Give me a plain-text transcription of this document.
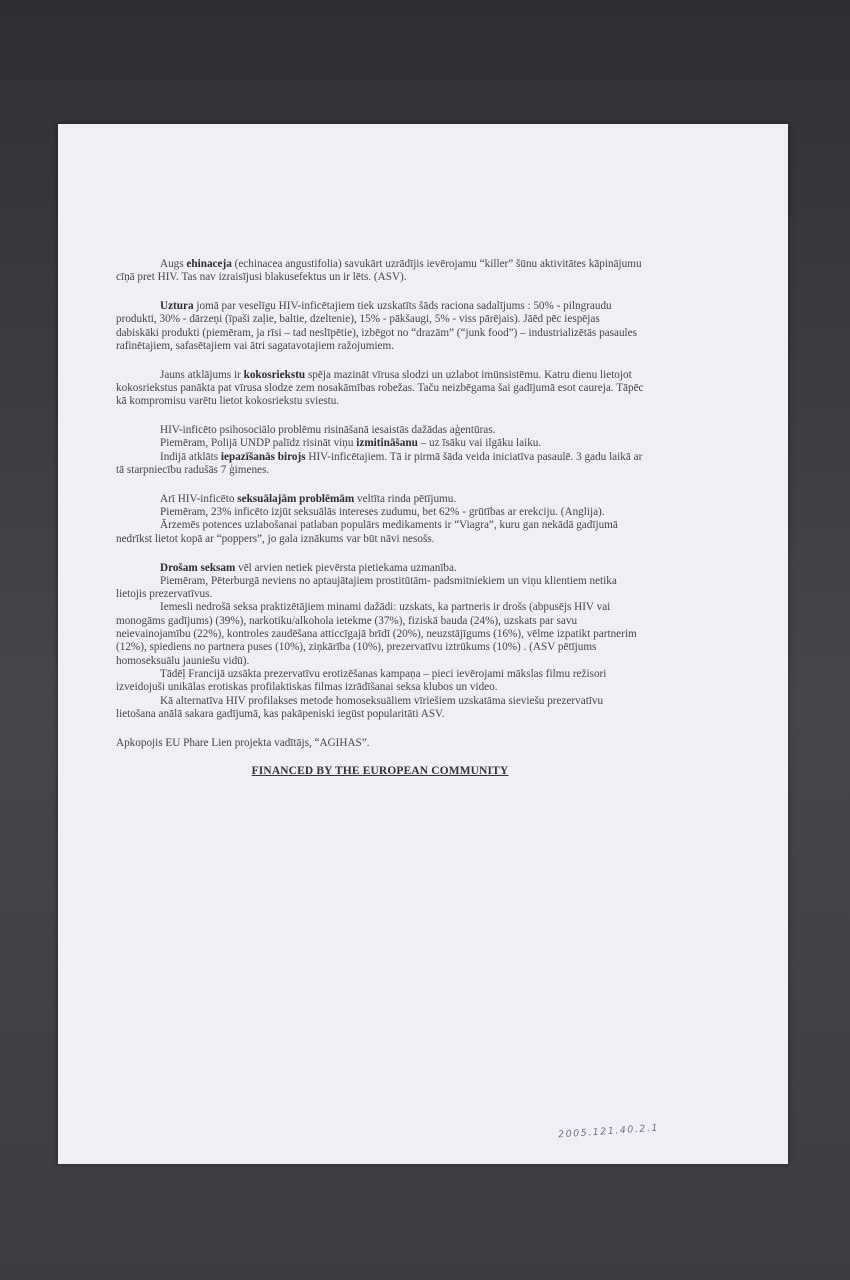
Augs ehinaceja (echinacea angustifolia) savukārt uzrādījis ievērojamu “killer” šūnu aktivitātes kāpinājumu cīņā pret HIV. Tas nav izraisījusi blakusefektus un ir lēts. (ASV).

Uztura jomā par veselīgu HIV-inficētajiem tiek uzskatīts šāds raciona sadalījums : 50% - pilngraudu produkti, 30% - dārzeņi (īpaši zaļie, baltie, dzeltenie), 15% - pākšaugi, 5% - viss pārējais). Jāēd pēc iespējas dabiskāki produkti (piemēram, ja rīsi – tad neslīpētie), izbēgot no “drazām” (“junk food”) – industrializētās pasaules rafinētajiem, safasētajiem vai ātri sagatavotajiem ražojumiem.

Jauns atklājums ir kokosriekstu spēja mazināt vīrusa slodzi un uzlabot imūnsistēmu. Katru dienu lietojot kokosriekstus panākta pat vīrusa slodze zem nosakāmības robežas. Taču neizbēgama šai gadījumā esot caureja. Tāpēc kā kompromisu varētu lietot kokosriekstu sviestu.

HIV-inficēto psihosociālo problēmu risināšanā iesaistās dažādas aģentūras.

Piemēram, Polijā UNDP palīdz risināt viņu izmitināšanu – uz īsāku vai ilgāku laiku.

Indijā atklāts iepazīšanās birojs HIV-inficētajiem. Tā ir pirmā šāda veida iniciatīva pasaulē. 3 gadu laikā ar tā starpniecību radušās 7 ģimenes.

Arī HIV-inficēto seksuālajām problēmām veltīta rinda pētījumu.

Piemēram, 23% inficēto izjūt seksuālās intereses zudumu, bet 62% - grūtības ar erekciju. (Anglija).

Ārzemēs potences uzlabošanai patlaban populārs medikaments ir “Viagra”, kuru gan nekādā gadījumā nedrīkst lietot kopā ar “poppers”, jo gala iznākums var būt nāvi nesošs.

Drošam seksam vēl arvien netiek pievērsta pietiekama uzmanība.

Piemēram, Pēterburgā neviens no aptaujātajiem prostitūtām- padsmitniekiem un viņu klientiem netika lietojis prezervatīvus.

Iemesli nedrošā seksa praktizētājiem minami dažādi: uzskats, ka partneris ir drošs (abpusējs HIV vai monogāms gadījums) (39%), narkotiku/alkohola ietekme (37%), fiziskā bauda (24%), uzskats par savu neievainojamību (22%), kontroles zaudēšana atticcīgajā brīdī (20%), neuzstājīgums (16%), vēlme izpatikt partnerim (12%), spiediens no partnera puses (10%), ziņkārība (10%), prezervatīvu iztrūkums (10%) . (ASV pētījums homoseksuālu jauniešu vidū).

Tādēļ Francijā uzsākta prezervatīvu erotizēšanas kampaņa – pieci ievērojami mākslas filmu režisori izveidojuši unikālas erotiskas profilaktiskas filmas izrādīšanai seksa klubos un video.

Kā alternatīva HIV profilakses metode homoseksuāliem vīriešiem uzskatāma sieviešu prezervatīvu lietošana anālā sakara gadījumā, kas pakāpeniski iegūst popularitāti ASV.

Apkopojis EU Phare Lien projekta vadītājs, “AGIHAS”.

FINANCED BY THE EUROPEAN COMMUNITY

2005.121.40.2.1
